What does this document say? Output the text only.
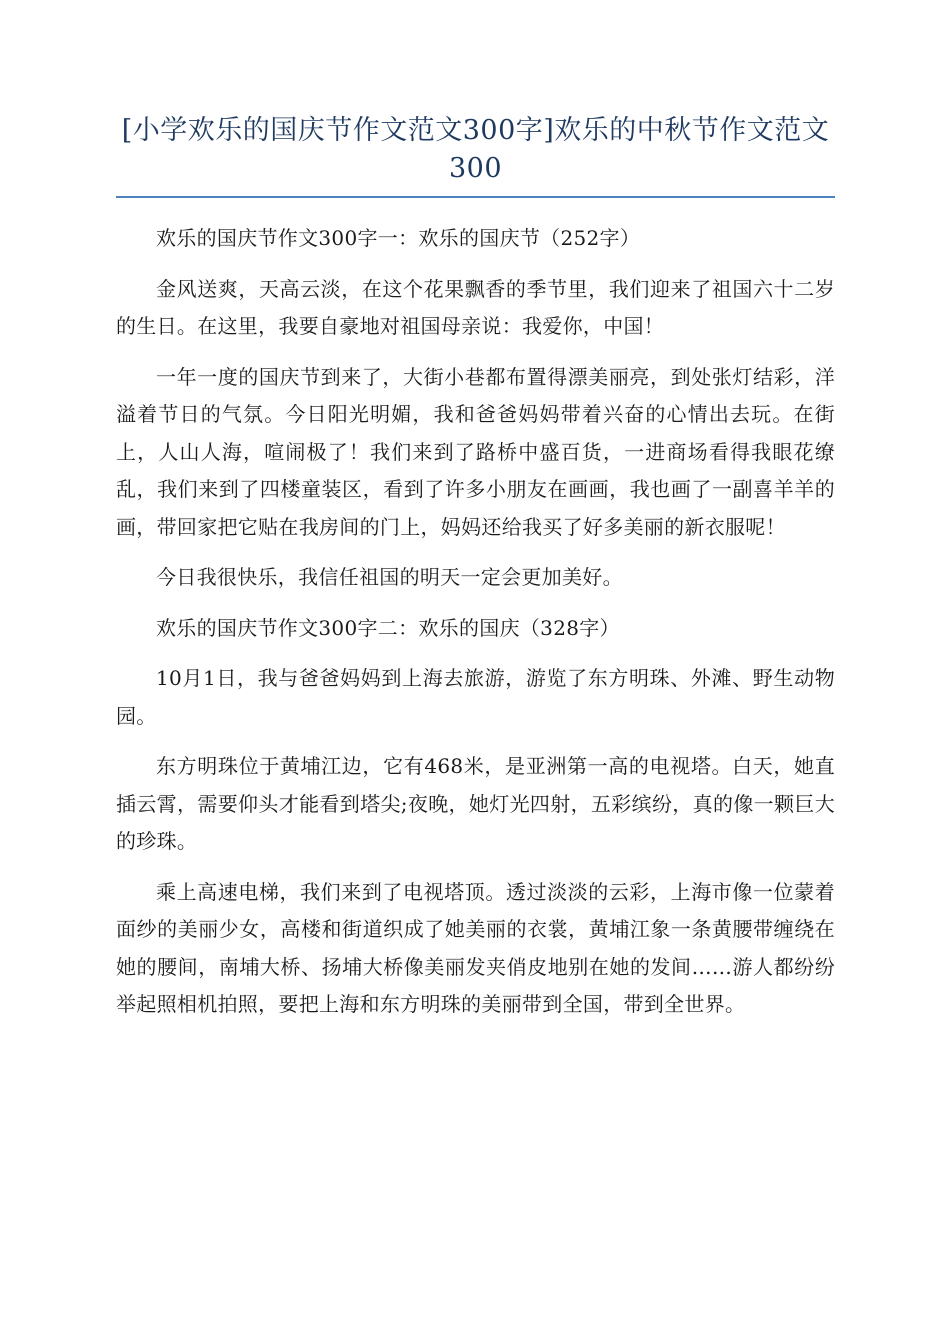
[小学欢乐的国庆节作文范文300字]欢乐的中秋节作文范文300

欢乐的国庆节作文300字一：欢乐的国庆节（252字）

金风送爽，天高云淡，在这个花果飘香的季节里，我们迎来了祖国六十二岁的生日。在这里，我要自豪地对祖国母亲说：我爱你，中国！

一年一度的国庆节到来了，大街小巷都布置得漂美丽亮，到处张灯结彩，洋溢着节日的气氛。今日阳光明媚，我和爸爸妈妈带着兴奋的心情出去玩。在街上，人山人海，喧闹极了！我们来到了路桥中盛百货，一进商场看得我眼花缭乱，我们来到了四楼童装区，看到了许多小朋友在画画，我也画了一副喜羊羊的画，带回家把它贴在我房间的门上，妈妈还给我买了好多美丽的新衣服呢！

今日我很快乐，我信任祖国的明天一定会更加美好。

欢乐的国庆节作文300字二：欢乐的国庆（328字）

10月1日，我与爸爸妈妈到上海去旅游，游览了东方明珠、外滩、野生动物园。

东方明珠位于黄埔江边，它有468米，是亚洲第一高的电视塔。白天，她直插云霄，需要仰头才能看到塔尖;夜晚，她灯光四射，五彩缤纷，真的像一颗巨大的珍珠。

乘上高速电梯，我们来到了电视塔顶。透过淡淡的云彩，上海市像一位蒙着面纱的美丽少女，高楼和街道织成了她美丽的衣裳，黄埔江象一条黄腰带缠绕在她的腰间，南埔大桥、扬埔大桥像美丽发夹俏皮地别在她的发间……游人都纷纷举起照相机拍照，要把上海和东方明珠的美丽带到全国，带到全世界。
